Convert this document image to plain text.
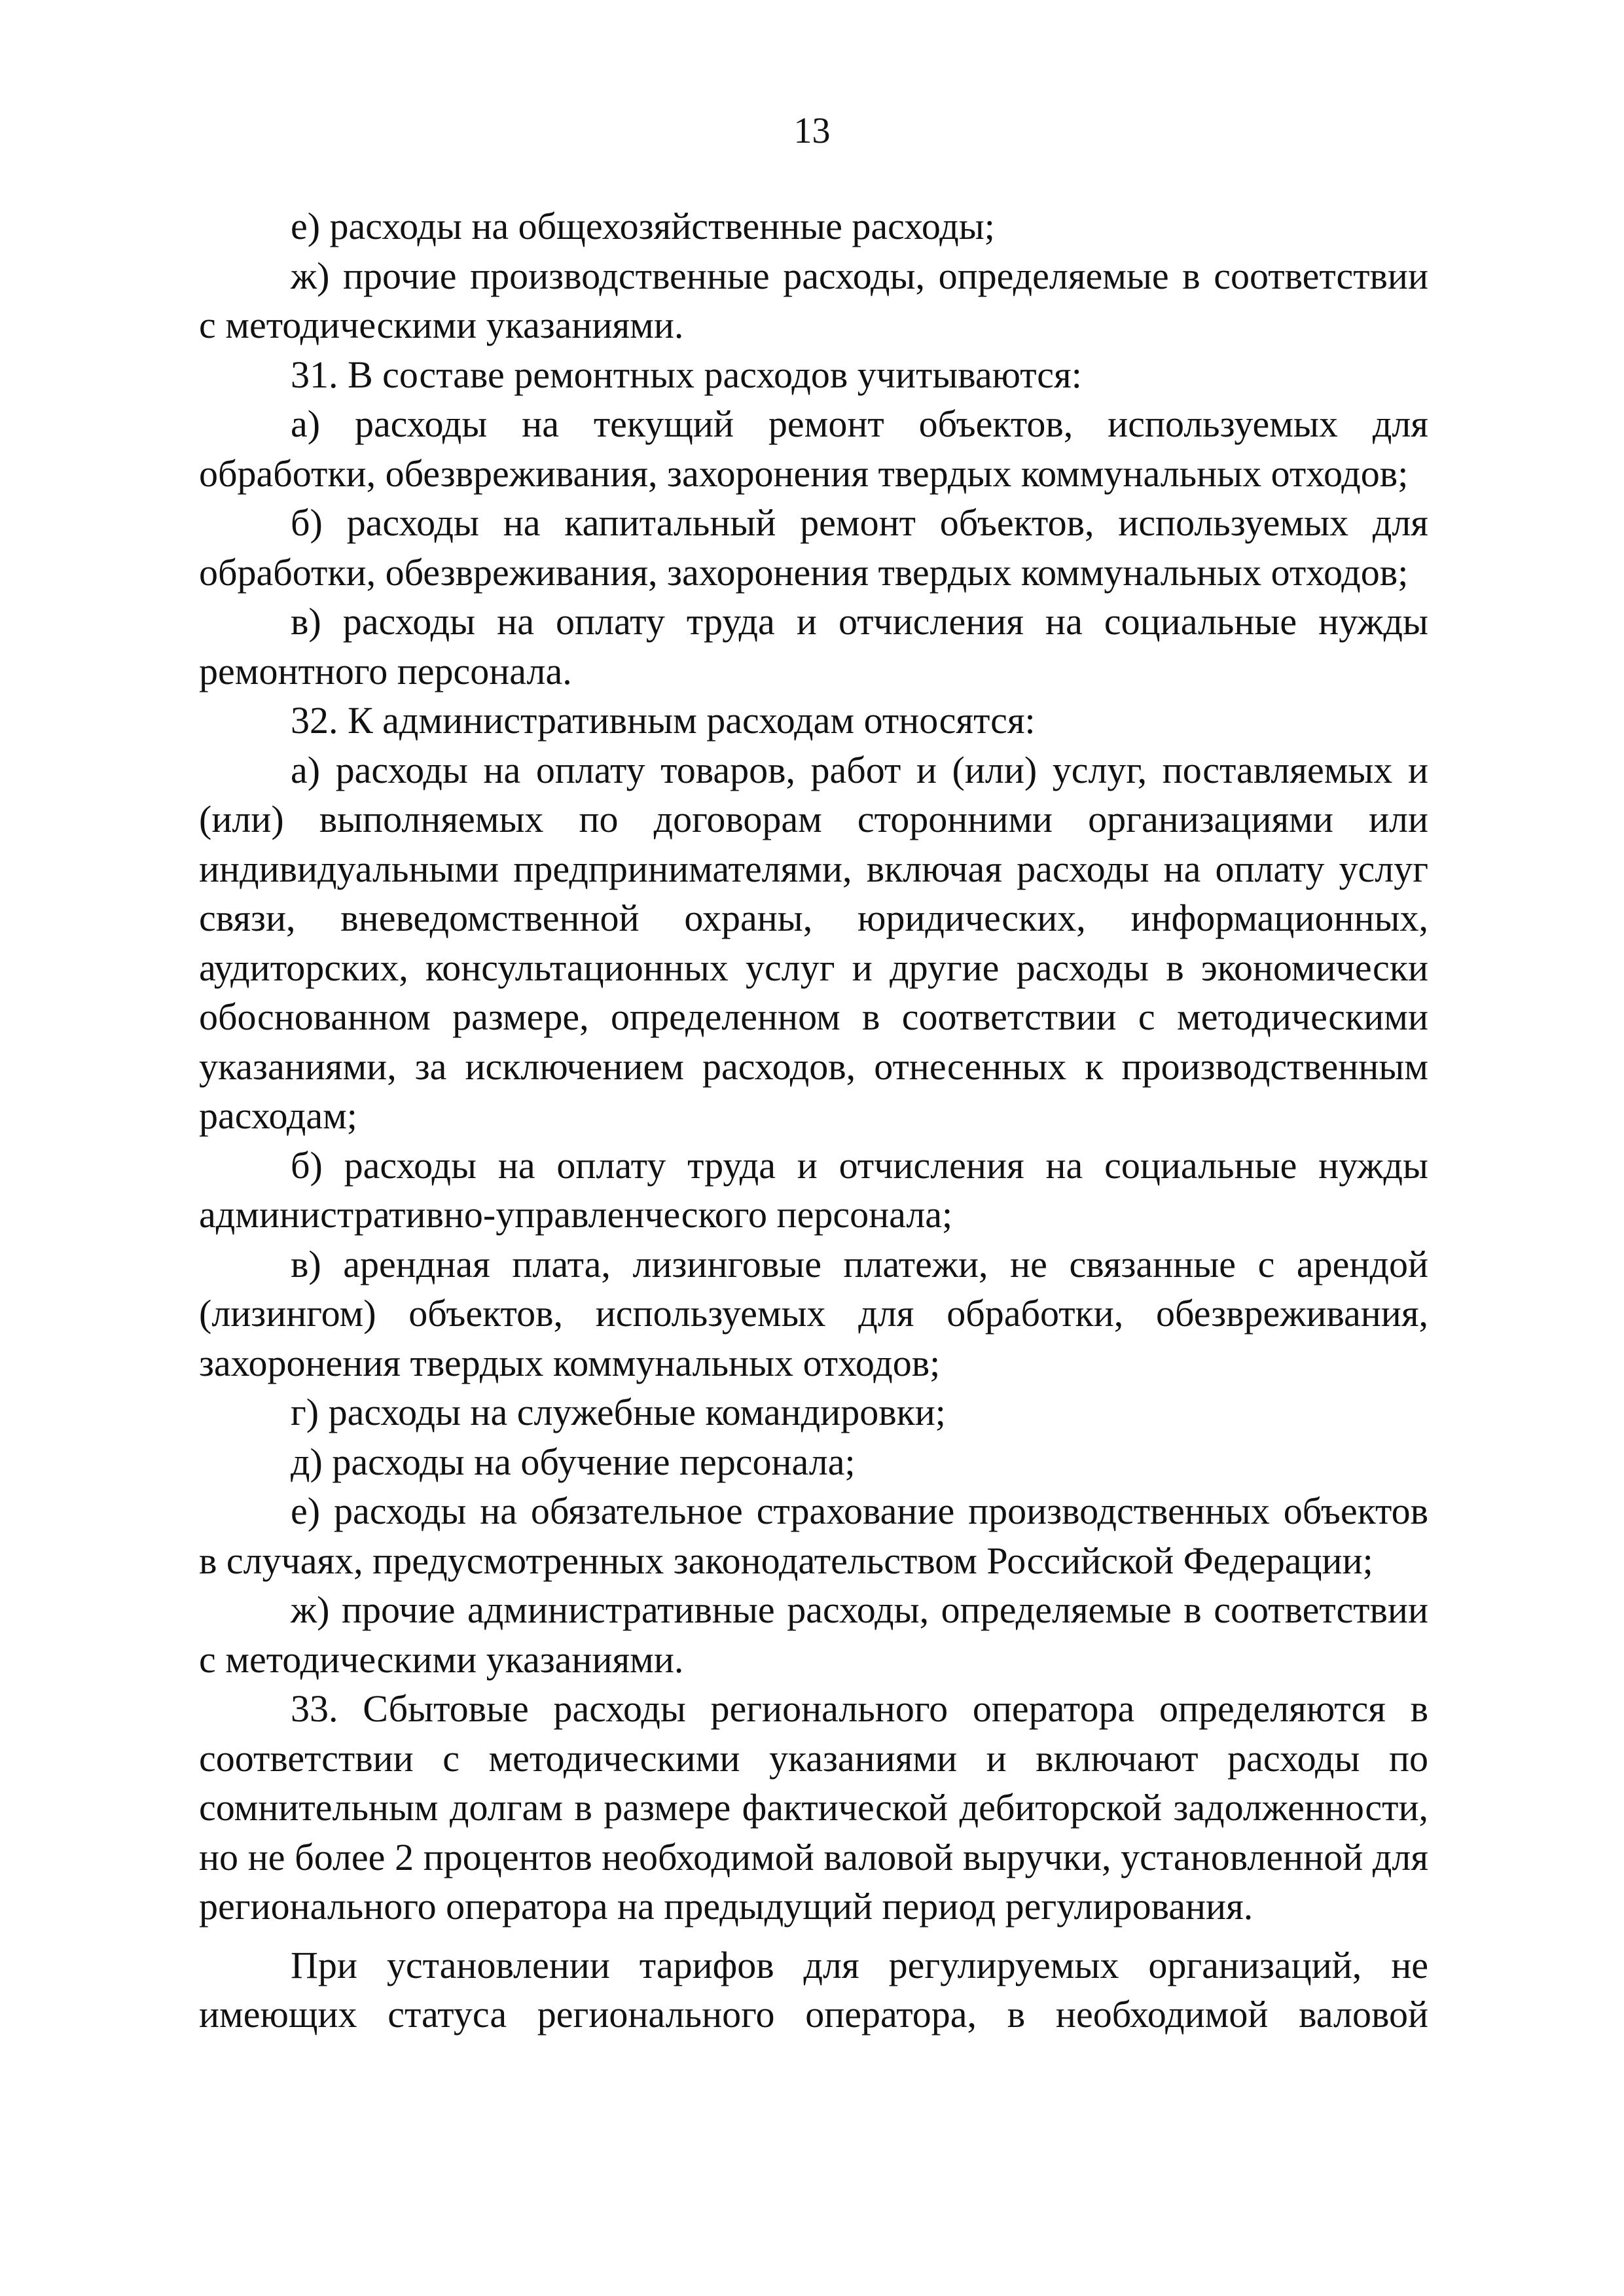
13

е) расходы на общехозяйственные расходы;

ж) прочие производственные расходы, определяемые в соответствии с методическими указаниями.

31. В составе ремонтных расходов учитываются:

а) расходы на текущий ремонт объектов, используемых для обработки, обезвреживания, захоронения твердых коммунальных отходов;

б) расходы на капитальный ремонт объектов, используемых для обработки, обезвреживания, захоронения твердых коммунальных отходов;

в) расходы на оплату труда и отчисления на социальные нужды ремонтного персонала.

32. К административным расходам относятся:

а) расходы на оплату товаров, работ и (или) услуг, поставляемых и (или) выполняемых по договорам сторонними организациями или индивидуальными предпринимателями, включая расходы на оплату услуг связи, вневедомственной охраны, юридических, информационных, аудиторских, консультационных услуг и другие расходы в экономически обоснованном размере, определенном в соответствии с методическими указаниями, за исключением расходов, отнесенных к производственным расходам;

б) расходы на оплату труда и отчисления на социальные нужды административно-управленческого персонала;

в) арендная плата, лизинговые платежи, не связанные с арендой (лизингом) объектов, используемых для обработки, обезвреживания, захоронения твердых коммунальных отходов;

г) расходы на служебные командировки;

д) расходы на обучение персонала;

е) расходы на обязательное страхование производственных объектов в случаях, предусмотренных законодательством Российской Федерации;

ж) прочие административные расходы, определяемые в соответствии с методическими указаниями.

33. Сбытовые расходы регионального оператора определяются в соответствии с методическими указаниями и включают расходы по сомнительным долгам в размере фактической дебиторской задолженности, но не более 2 процентов необходимой валовой выручки, установленной для регионального оператора на предыдущий период регулирования.

При установлении тарифов для регулируемых организаций, не имеющих статуса регионального оператора, в необходимой валовой
